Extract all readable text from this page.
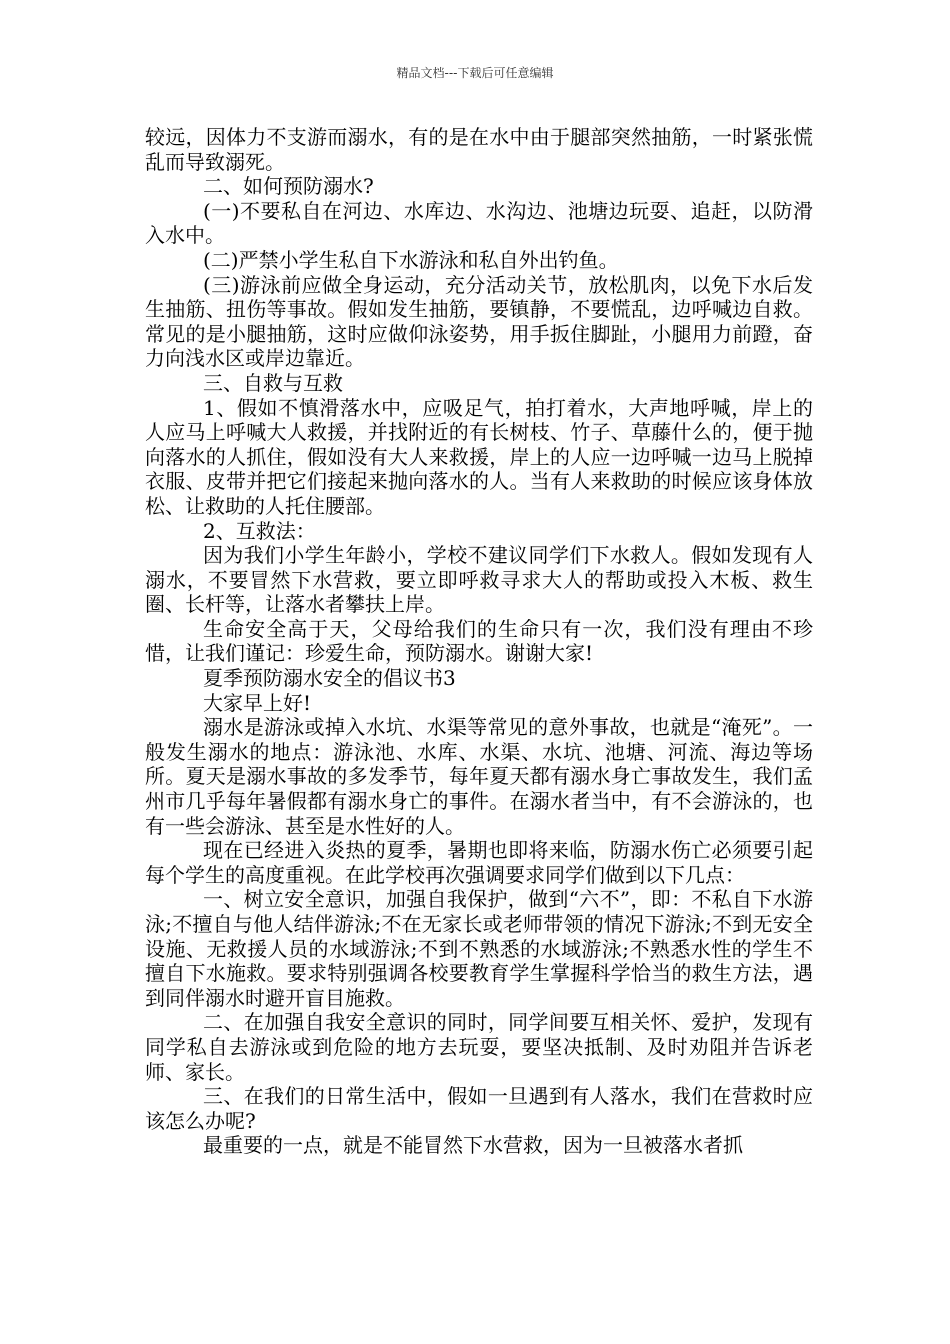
精品文档---下载后可任意编辑

较远，因体力不支游而溺水，有的是在水中由于腿部突然抽筋，一时紧张慌乱而导致溺死。

二、如何预防溺水?

(一)不要私自在河边、水库边、水沟边、池塘边玩耍、追赶，以防滑入水中。

(二)严禁小学生私自下水游泳和私自外出钓鱼。

(三)游泳前应做全身运动，充分活动关节，放松肌肉，以免下水后发生抽筋、扭伤等事故。假如发生抽筋，要镇静，不要慌乱，边呼喊边自救。常见的是小腿抽筋，这时应做仰泳姿势，用手扳住脚趾，小腿用力前蹬，奋力向浅水区或岸边靠近。

三、自救与互救

1、假如不慎滑落水中，应吸足气，拍打着水，大声地呼喊，岸上的人应马上呼喊大人救援，并找附近的有长树枝、竹子、草藤什么的，便于抛向落水的人抓住，假如没有大人来救援，岸上的人应一边呼喊一边马上脱掉衣服、皮带并把它们接起来抛向落水的人。当有人来救助的时候应该身体放松、让救助的人托住腰部。

2、互救法：

因为我们小学生年龄小，学校不建议同学们下水救人。假如发现有人溺水，不要冒然下水营救，要立即呼救寻求大人的帮助或投入木板、救生圈、长杆等，让落水者攀扶上岸。

生命安全高于天，父母给我们的生命只有一次，我们没有理由不珍惜，让我们谨记：珍爱生命，预防溺水。谢谢大家!

夏季预防溺水安全的倡议书3

大家早上好!

溺水是游泳或掉入水坑、水渠等常见的意外事故，也就是“淹死”。一般发生溺水的地点：游泳池、水库、水渠、水坑、池塘、河流、海边等场所。夏天是溺水事故的多发季节，每年夏天都有溺水身亡事故发生，我们孟州市几乎每年暑假都有溺水身亡的事件。在溺水者当中，有不会游泳的，也有一些会游泳、甚至是水性好的人。

现在已经进入炎热的夏季，暑期也即将来临，防溺水伤亡必须要引起每个学生的高度重视。在此学校再次强调要求同学们做到以下几点：

一、树立安全意识，加强自我保护，做到“六不”，即：不私自下水游泳;不擅自与他人结伴游泳;不在无家长或老师带领的情况下游泳;不到无安全设施、无救援人员的水域游泳;不到不熟悉的水域游泳;不熟悉水性的学生不擅自下水施救。要求特别强调各校要教育学生掌握科学恰当的救生方法，遇到同伴溺水时避开盲目施救。

二、在加强自我安全意识的同时，同学间要互相关怀、爱护，发现有同学私自去游泳或到危险的地方去玩耍，要坚决抵制、及时劝阻并告诉老师、家长。

三、在我们的日常生活中，假如一旦遇到有人落水，我们在营救时应该怎么办呢?

最重要的一点，就是不能冒然下水营救，因为一旦被落水者抓
